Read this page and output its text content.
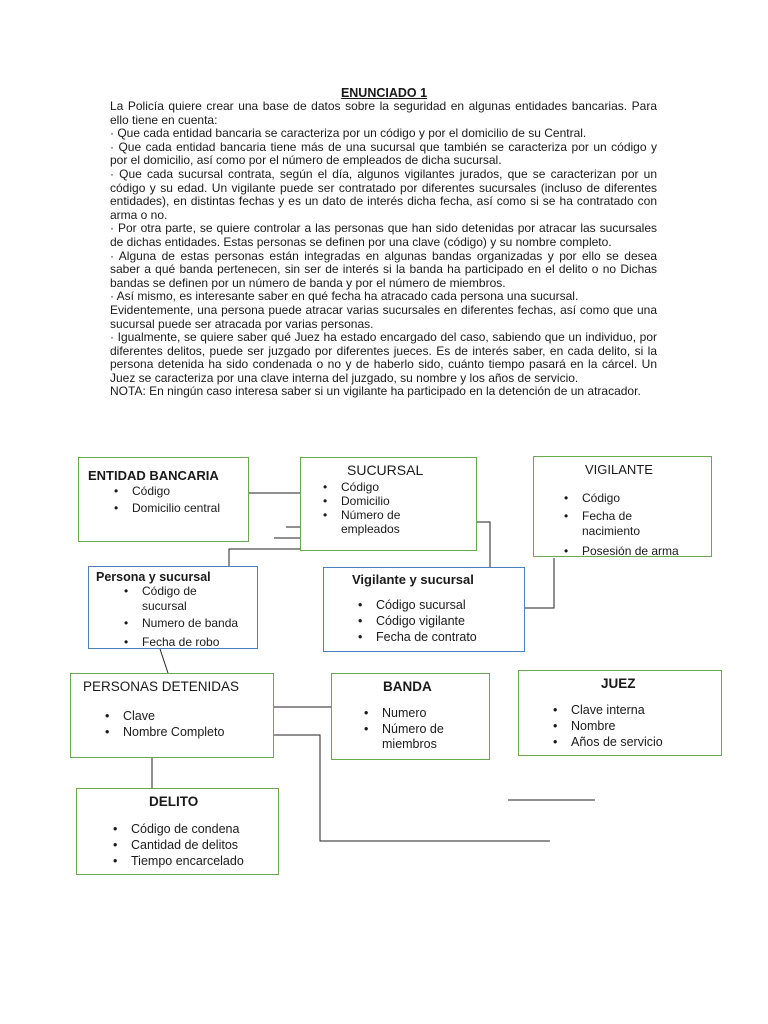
ENUNCIADO 1

La Policía quiere crear una base de datos sobre la seguridad en algunas entidades bancarias. Para ello tiene en cuenta:

· Que cada entidad bancaria se caracteriza por un código y por el domicilio de su Central.

· Que cada entidad bancaria tiene más de una sucursal que también se caracteriza por un código y por el domicilio, así como por el número de empleados de dicha sucursal.

· Que cada sucursal contrata, según el día, algunos vigilantes jurados, que se caracterizan por un código y su edad. Un vigilante puede ser contratado por diferentes sucursales (incluso de diferentes entidades), en distintas fechas y es un dato de interés dicha fecha, así como si se ha contratado con arma o no.

· Por otra parte, se quiere controlar a las personas que han sido detenidas por atracar las sucursales de dichas entidades. Estas personas se definen por una clave (código) y su nombre completo.

· Alguna de estas personas están integradas en algunas bandas organizadas y por ello se desea saber a qué banda pertenecen, sin ser de interés si la banda ha participado en el delito o no Dichas bandas se definen por un número de banda y por el número de miembros.

· Así mismo, es interesante saber en qué fecha ha atracado cada persona una sucursal.

Evidentemente, una persona puede atracar varias sucursales en diferentes fechas, así como que una sucursal puede ser atracada por varias personas.

· Igualmente, se quiere saber qué Juez ha estado encargado del caso, sabiendo que un individuo, por diferentes delitos, puede ser juzgado por diferentes jueces. Es de interés saber, en cada delito, si la persona detenida ha sido condenada o no y de haberlo sido, cuánto tiempo pasará en la cárcel. Un Juez se caracteriza por una clave interna del juzgado, su nombre y los años de servicio.

NOTA: En ningún caso interesa saber si un vigilante ha participado en la detención de un atracador.

ENTIDAD BANCARIA
• Código
• Domicilio central
SUCURSAL
• Código
• Domicilio
• Número de empleados
VIGILANTE
• Código
• Fecha de nacimiento
• Posesión de arma
Persona y sucursal
• Código de sucursal
• Numero de banda
• Fecha de robo
Vigilante y sucursal
• Código sucursal
• Código vigilante
• Fecha de contrato
PERSONAS DETENIDAS
• Clave
• Nombre Completo
BANDA
• Numero
• Número de miembros
JUEZ
• Clave interna
• Nombre
• Años de servicio
DELITO
• Código de condena
• Cantidad de delitos
• Tiempo encarcelado
